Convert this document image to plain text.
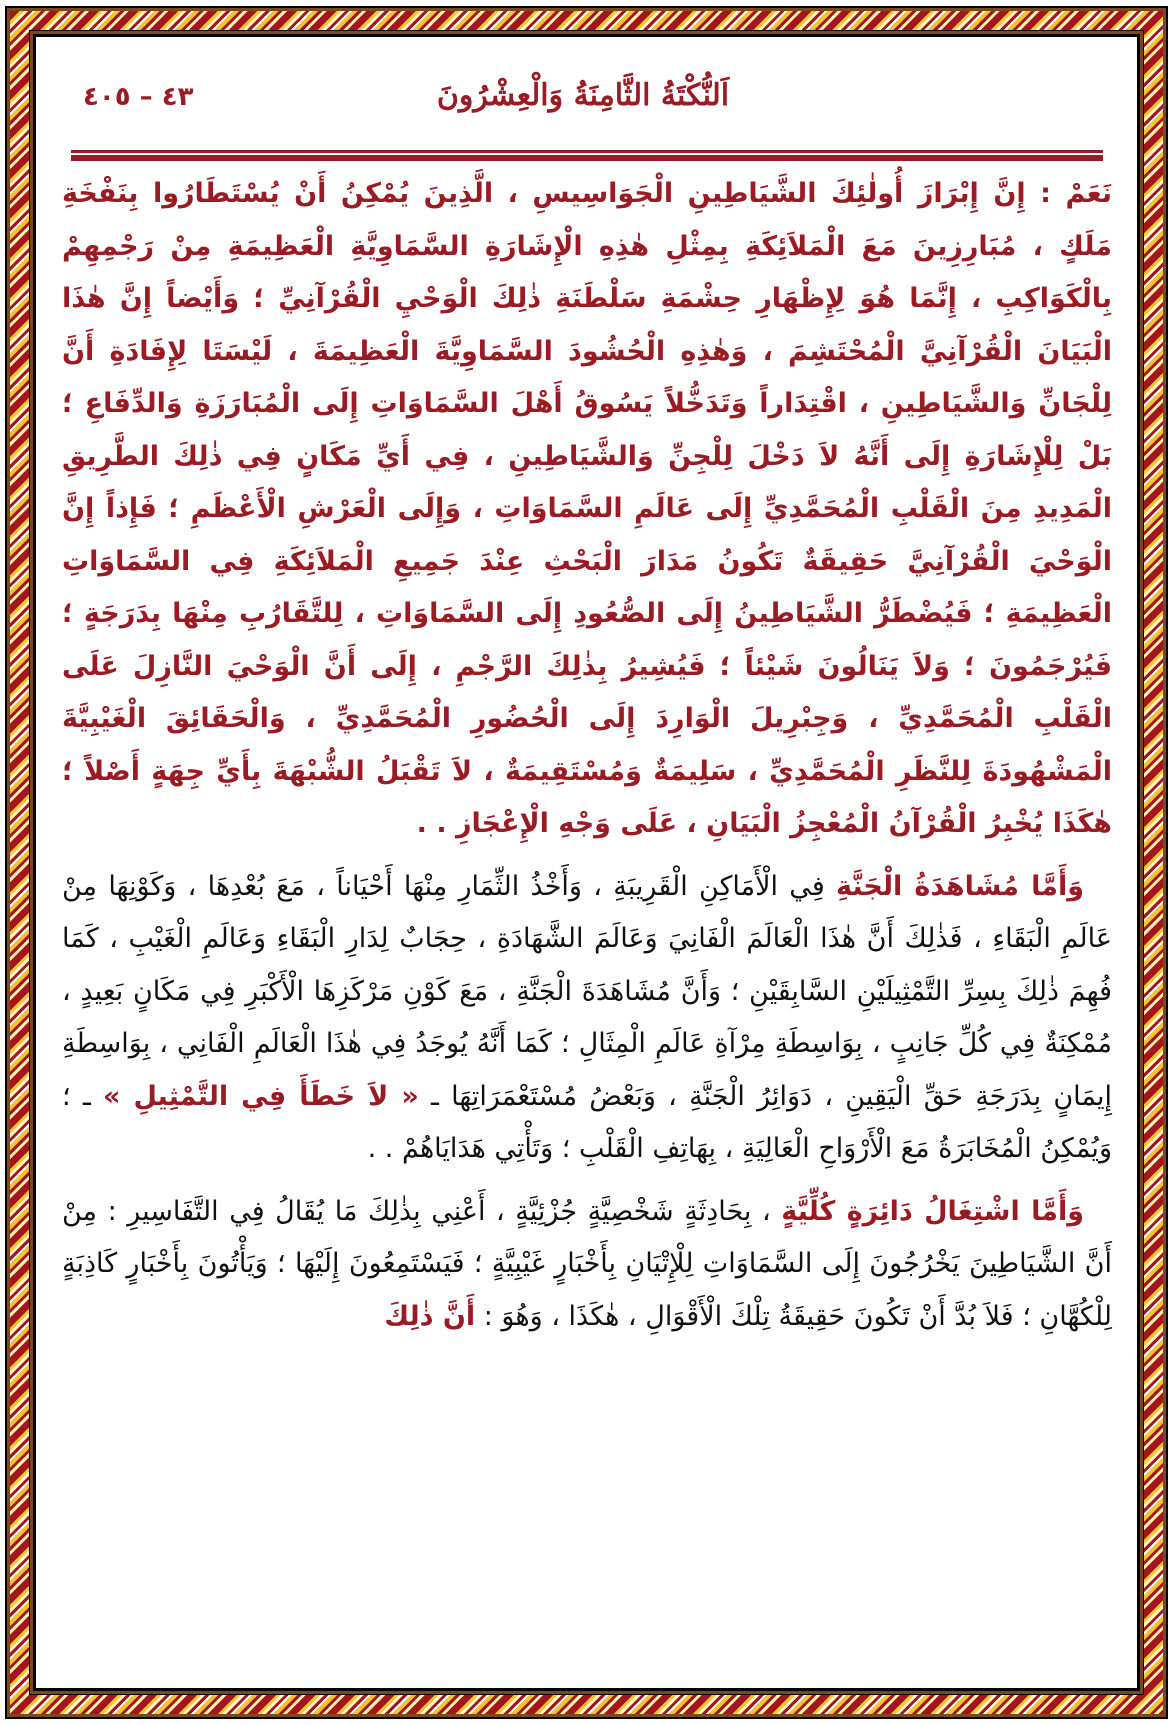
اَلنُّكْتَةُ الثَّامِنَةُ وَالْعِشْرُونَ
٤٣ – ٤٠٥

نَعَمْ : إِنَّ إِبْرَازَ أُولٰئِكَ الشَّيَاطِينِ الْجَوَاسِيسِ ، الَّذِينَ يُمْكِنُ أَنْ يُسْتَطَارُوا بِنَفْخَةِ مَلَكٍ ، مُبَارِزِينَ مَعَ الْمَلاَئِكَةِ بِمِثْلِ هٰذِهِ الْإِشَارَةِ السَّمَاوِيَّةِ الْعَظِيمَةِ مِنْ رَجْمِهِمْ بِالْكَوَاكِبِ ، إِنَّمَا هُوَ لِإِظْهَارِ حِشْمَةِ سَلْطَنَةِ ذٰلِكَ الْوَحْيِ الْقُرْآنِيِّ ؛ وَأَيْضاً إِنَّ هٰذَا الْبَيَانَ الْقُرْآنِيَّ الْمُحْتَشِمَ ، وَهٰذِهِ الْحُشُودَ السَّمَاوِيَّةَ الْعَظِيمَةَ ، لَيْسَتَا لِإِفَادَةِ أَنَّ لِلْجَانِّ وَالشَّيَاطِينِ ، اقْتِدَاراً وَتَدَخُّلاً يَسُوقُ أَهْلَ السَّمَاوَاتِ إِلَى الْمُبَارَزَةِ وَالدِّفَاعِ ؛ بَلْ لِلْإِشَارَةِ إِلَى أَنَّهُ لاَ دَخْلَ لِلْجِنِّ وَالشَّيَاطِينِ ، فِي أَيِّ مَكَانٍ فِي ذٰلِكَ الطَّرِيقِ الْمَدِيدِ مِنَ الْقَلْبِ الْمُحَمَّدِيِّ إِلَى عَالَمِ السَّمَاوَاتِ ، وَإِلَى الْعَرْشِ الْأَعْظَمِ ؛ فَإِذاً إِنَّ الْوَحْيَ الْقُرْآنِيَّ حَقِيقَةٌ تَكُونُ مَدَارَ الْبَحْثِ عِنْدَ جَمِيعِ الْمَلاَئِكَةِ فِي السَّمَاوَاتِ الْعَظِيمَةِ ؛ فَيُضْطَرُّ الشَّيَاطِينُ إِلَى الصُّعُودِ إِلَى السَّمَاوَاتِ ، لِلتَّقَارُبِ مِنْهَا بِدَرَجَةٍ ؛ فَيُرْجَمُونَ ؛ وَلاَ يَنَالُونَ شَيْئاً ؛ فَيُشِيرُ بِذٰلِكَ الرَّجْمِ ، إِلَى أَنَّ الْوَحْيَ النَّازِلَ عَلَى الْقَلْبِ الْمُحَمَّدِيِّ ، وَجِبْرِيلَ الْوَارِدَ إِلَى الْحُضُورِ الْمُحَمَّدِيِّ ، وَالْحَقَائِقَ الْغَيْبِيَّةَ الْمَشْهُودَةَ لِلنَّظَرِ الْمُحَمَّدِيِّ ، سَلِيمَةٌ وَمُسْتَقِيمَةٌ ، لاَ تَقْبَلُ الشُّبْهَةَ بِأَيِّ جِهَةٍ أَصْلاً ؛ هٰكَذَا يُخْبِرُ الْقُرْآنُ الْمُعْجِزُ الْبَيَانِ ، عَلَى وَجْهِ الْإِعْجَازِ . .

وَأَمَّا مُشَاهَدَةُ الْجَنَّةِ فِي الْأَمَاكِنِ الْقَرِيبَةِ ، وَأَخْذُ الثِّمَارِ مِنْهَا أَحْيَاناً ، مَعَ بُعْدِهَا ، وَكَوْنِهَا مِنْ عَالَمِ الْبَقَاءِ ، فَذٰلِكَ أَنَّ هٰذَا الْعَالَمَ الْفَانِيَ وَعَالَمَ الشَّهَادَةِ ، حِجَابٌ لِدَارِ الْبَقَاءِ وَعَالَمِ الْغَيْبِ ، كَمَا فُهِمَ ذٰلِكَ بِسِرِّ التَّمْثِيلَيْنِ السَّابِقَيْنِ ؛ وَأَنَّ مُشَاهَدَةَ الْجَنَّةِ ، مَعَ كَوْنِ مَرْكَزِهَا الْأَكْبَرِ فِي مَكَانٍ بَعِيدٍ ، مُمْكِنَةٌ فِي كُلِّ جَانِبٍ ، بِوَاسِطَةِ مِرْآةِ عَالَمِ الْمِثَالِ ؛ كَمَا أَنَّهُ يُوجَدُ فِي هٰذَا الْعَالَمِ الْفَانِي ، بِوَاسِطَةِ إِيمَانٍ بِدَرَجَةِ حَقِّ الْيَقِينِ ، دَوَائِرُ الْجَنَّةِ ، وَبَعْضُ مُسْتَعْمَرَاتِهَا ـ « لاَ خَطَأَ فِي التَّمْثِيلِ » ـ ؛ وَيُمْكِنُ الْمُخَابَرَةُ مَعَ الْأَرْوَاحِ الْعَالِيَةِ ، بِهَاتِفِ الْقَلْبِ ؛ وَتَأْتِي هَدَايَاهُمْ . .

وَأَمَّا اشْتِغَالُ دَائِرَةٍ كُلِّيَّةٍ ، بِحَادِثَةٍ شَخْصِيَّةٍ جُزْئِيَّةٍ ، أَعْنِي بِذٰلِكَ مَا يُقَالُ فِي التَّفَاسِيرِ : مِنْ أَنَّ الشَّيَاطِينَ يَخْرُجُونَ إِلَى السَّمَاوَاتِ لِلْإِتْيَانِ بِأَخْبَارٍ غَيْبِيَّةٍ ؛ فَيَسْتَمِعُونَ إِلَيْهَا ؛ وَيَأْتُونَ بِأَخْبَارٍ كَاذِبَةٍ لِلْكُهَّانِ ؛ فَلاَ بُدَّ أَنْ تَكُونَ حَقِيقَةُ تِلْكَ الْأَقْوَالِ ، هٰكَذَا ، وَهُوَ : أَنَّ ذٰلِكَ
